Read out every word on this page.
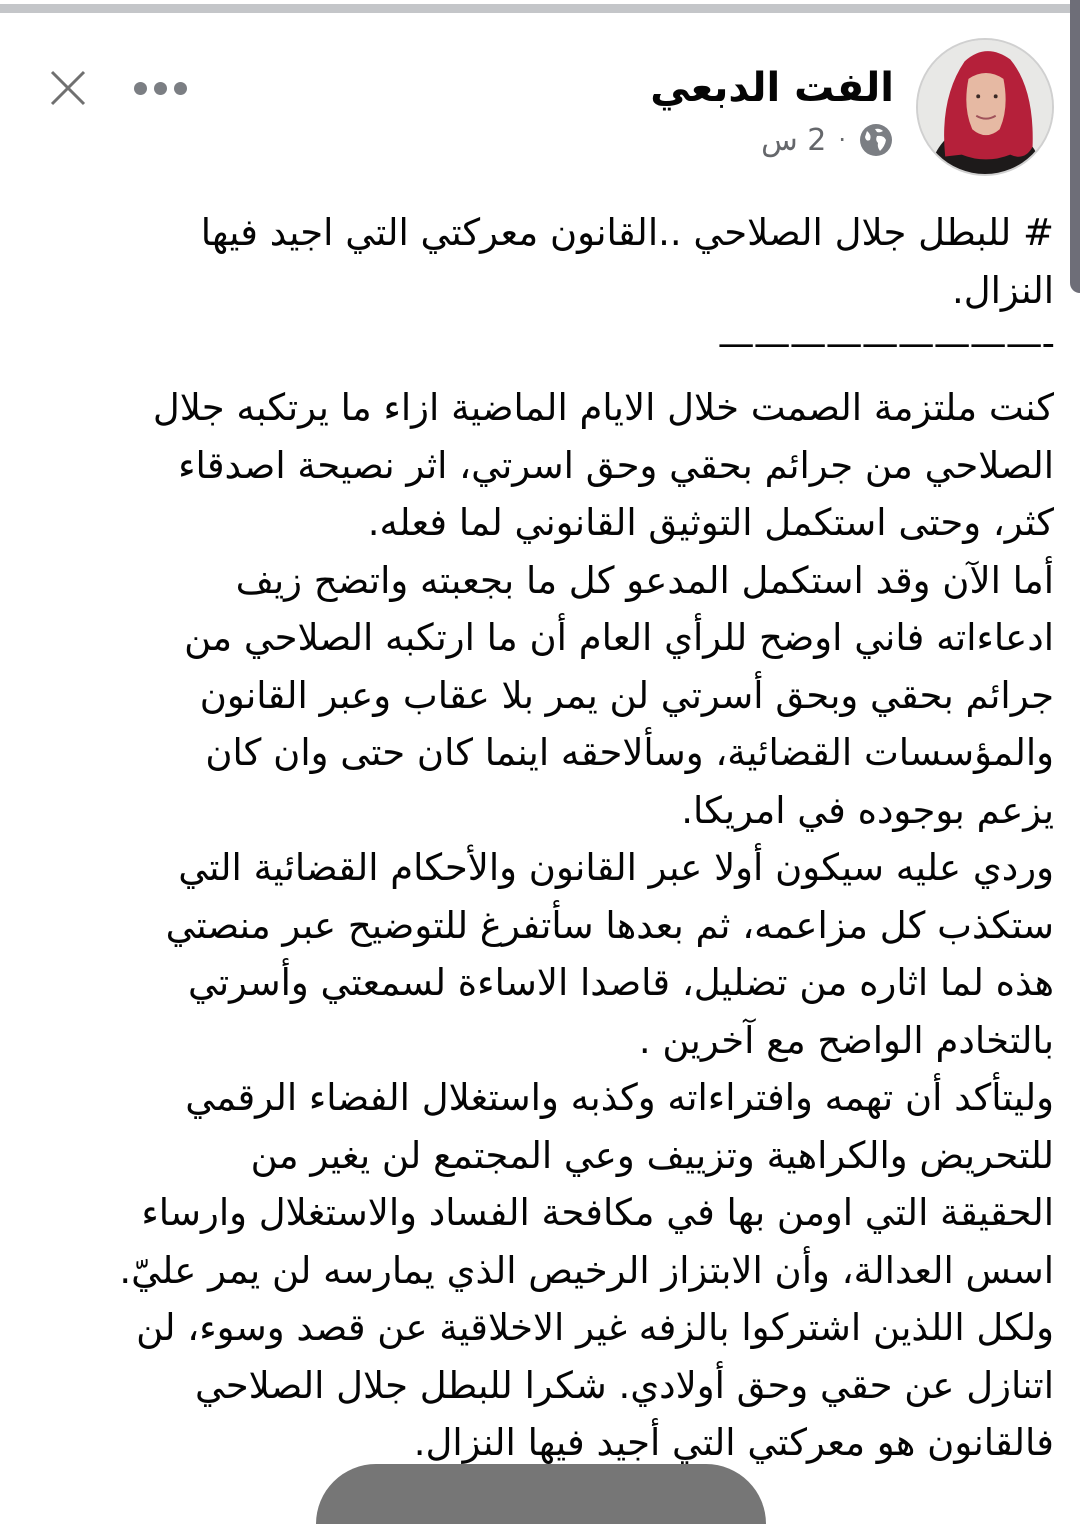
الفت الدبعي
2 س ·
# للبطل جلال الصلاحي ..القانون معركتي التي اجيد فيها
النزال.
-—————————
كنت ملتزمة الصمت خلال الايام الماضية ازاء ما يرتكبه جلال
الصلاحي من جرائم بحقي وحق اسرتي، اثر نصيحة اصدقاء
كثر، وحتى استكمل التوثيق القانوني لما فعله.
أما الآن وقد استكمل المدعو كل ما بجعبته واتضح زيف
ادعاءاته فاني اوضح للرأي العام أن ما ارتكبه الصلاحي من
جرائم بحقي وبحق أسرتي لن يمر بلا عقاب وعبر القانون
والمؤسسات القضائية، وسألاحقه اينما كان حتى وان كان
يزعم بوجوده في امريكا.
وردي عليه سيكون أولا عبر القانون والأحكام القضائية التي
ستكذب كل مزاعمه، ثم بعدها سأتفرغ للتوضيح عبر منصتي
هذه لما اثاره من تضليل، قاصدا الاساءة لسمعتي وأسرتي
بالتخادم الواضح مع آخرين .
وليتأكد أن تهمه وافتراءاته وكذبه واستغلال الفضاء الرقمي
للتحريض والكراهية وتزييف وعي المجتمع لن يغير من
الحقيقة التي اومن بها في مكافحة الفساد والاستغلال وارساء
اسس العدالة، وأن الابتزاز الرخيص الذي يمارسه لن يمر عليّ.
ولكل اللذين اشتركوا بالزفه غير الاخلاقية عن قصد وسوء، لن
اتنازل عن حقي وحق أولادي. شكرا للبطل جلال الصلاحي
فالقانون هو معركتي التي أجيد فيها النزال.
